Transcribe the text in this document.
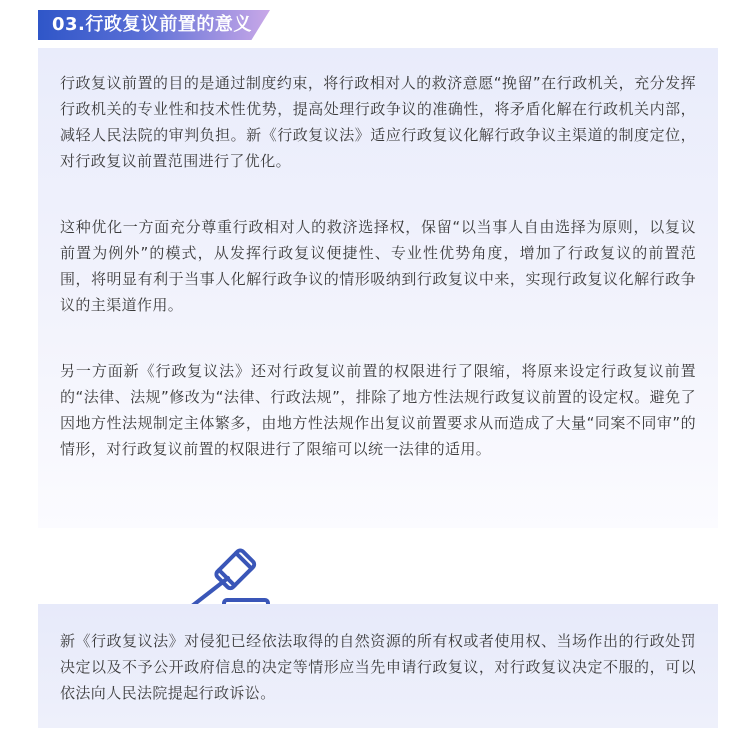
03.行政复议前置的意义

行政复议前置的目的是通过制度约束，将行政相对人的救济意愿“挽留”在行政机关，充分发挥行政机关的专业性和技术性优势，提高处理行政争议的准确性，将矛盾化解在行政机关内部，减轻人民法院的审判负担。新《行政复议法》适应行政复议化解行政争议主渠道的制度定位，对行政复议前置范围进行了优化。

这种优化一方面充分尊重行政相对人的救济选择权，保留“以当事人自由选择为原则，以复议前置为例外”的模式，从发挥行政复议便捷性、专业性优势角度，增加了行政复议的前置范围，将明显有利于当事人化解行政争议的情形吸纳到行政复议中来，实现行政复议化解行政争议的主渠道作用。

另一方面新《行政复议法》还对行政复议前置的权限进行了限缩，将原来设定行政复议前置的“法律、法规”修改为“法律、行政法规”，排除了地方性法规行政复议前置的设定权。避免了因地方性法规制定主体繁多，由地方性法规作出复议前置要求从而造成了大量“同案不同审”的情形，对行政复议前置的权限进行了限缩可以统一法律的适用。

新《行政复议法》对侵犯已经依法取得的自然资源的所有权或者使用权、当场作出的行政处罚决定以及不予公开政府信息的决定等情形应当先申请行政复议，对行政复议决定不服的，可以依法向人民法院提起行政诉讼。
